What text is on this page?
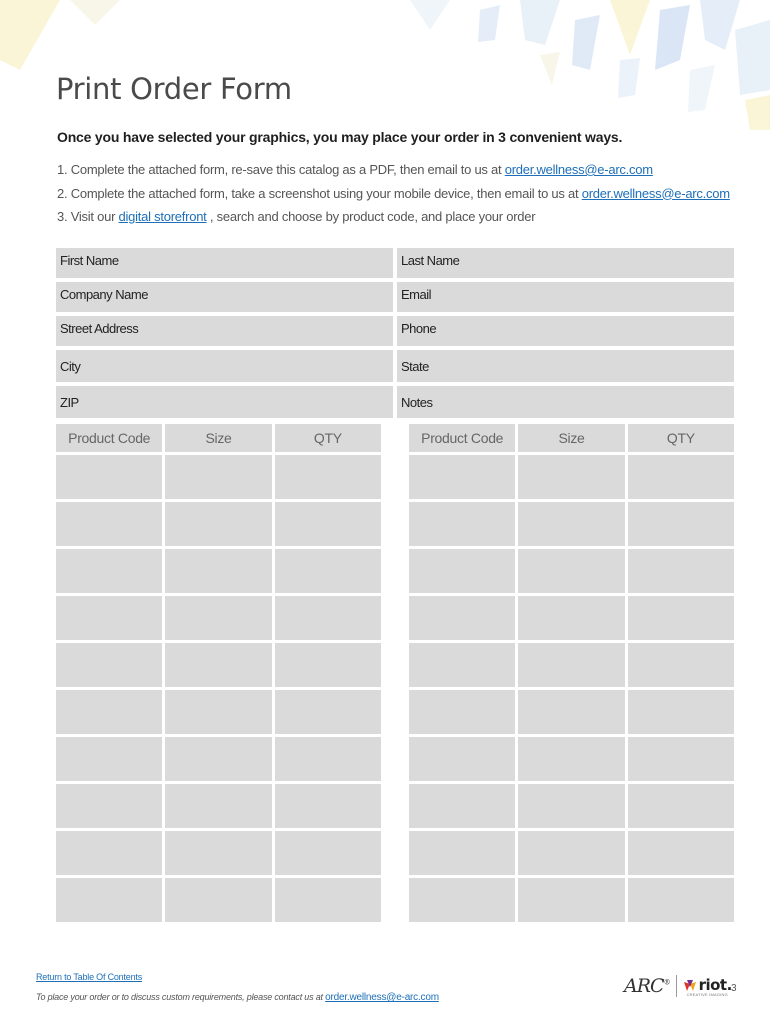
Print Order Form

Once you have selected your graphics, you may place your order in 3 convenient ways.

1. Complete the attached form, re-save this catalog as a PDF, then email to us at order.wellness@e-arc.com
2. Complete the attached form, take a screenshot using your mobile device, then email to us at order.wellness@e-arc.com
3. Visit our digital storefront , search and choose by product code, and place your order
First Name	Last Name
Company Name	Email
Street Address	Phone
City	State
ZIP	Notes
Product Code	Size	QTY	Product Code	Size	QTY
Return to Table Of Contents
To place your order or to discuss custom requirements, please contact us at order.wellness@e-arc.com
ARC® riot.
CREATIVE IMAGING
3
